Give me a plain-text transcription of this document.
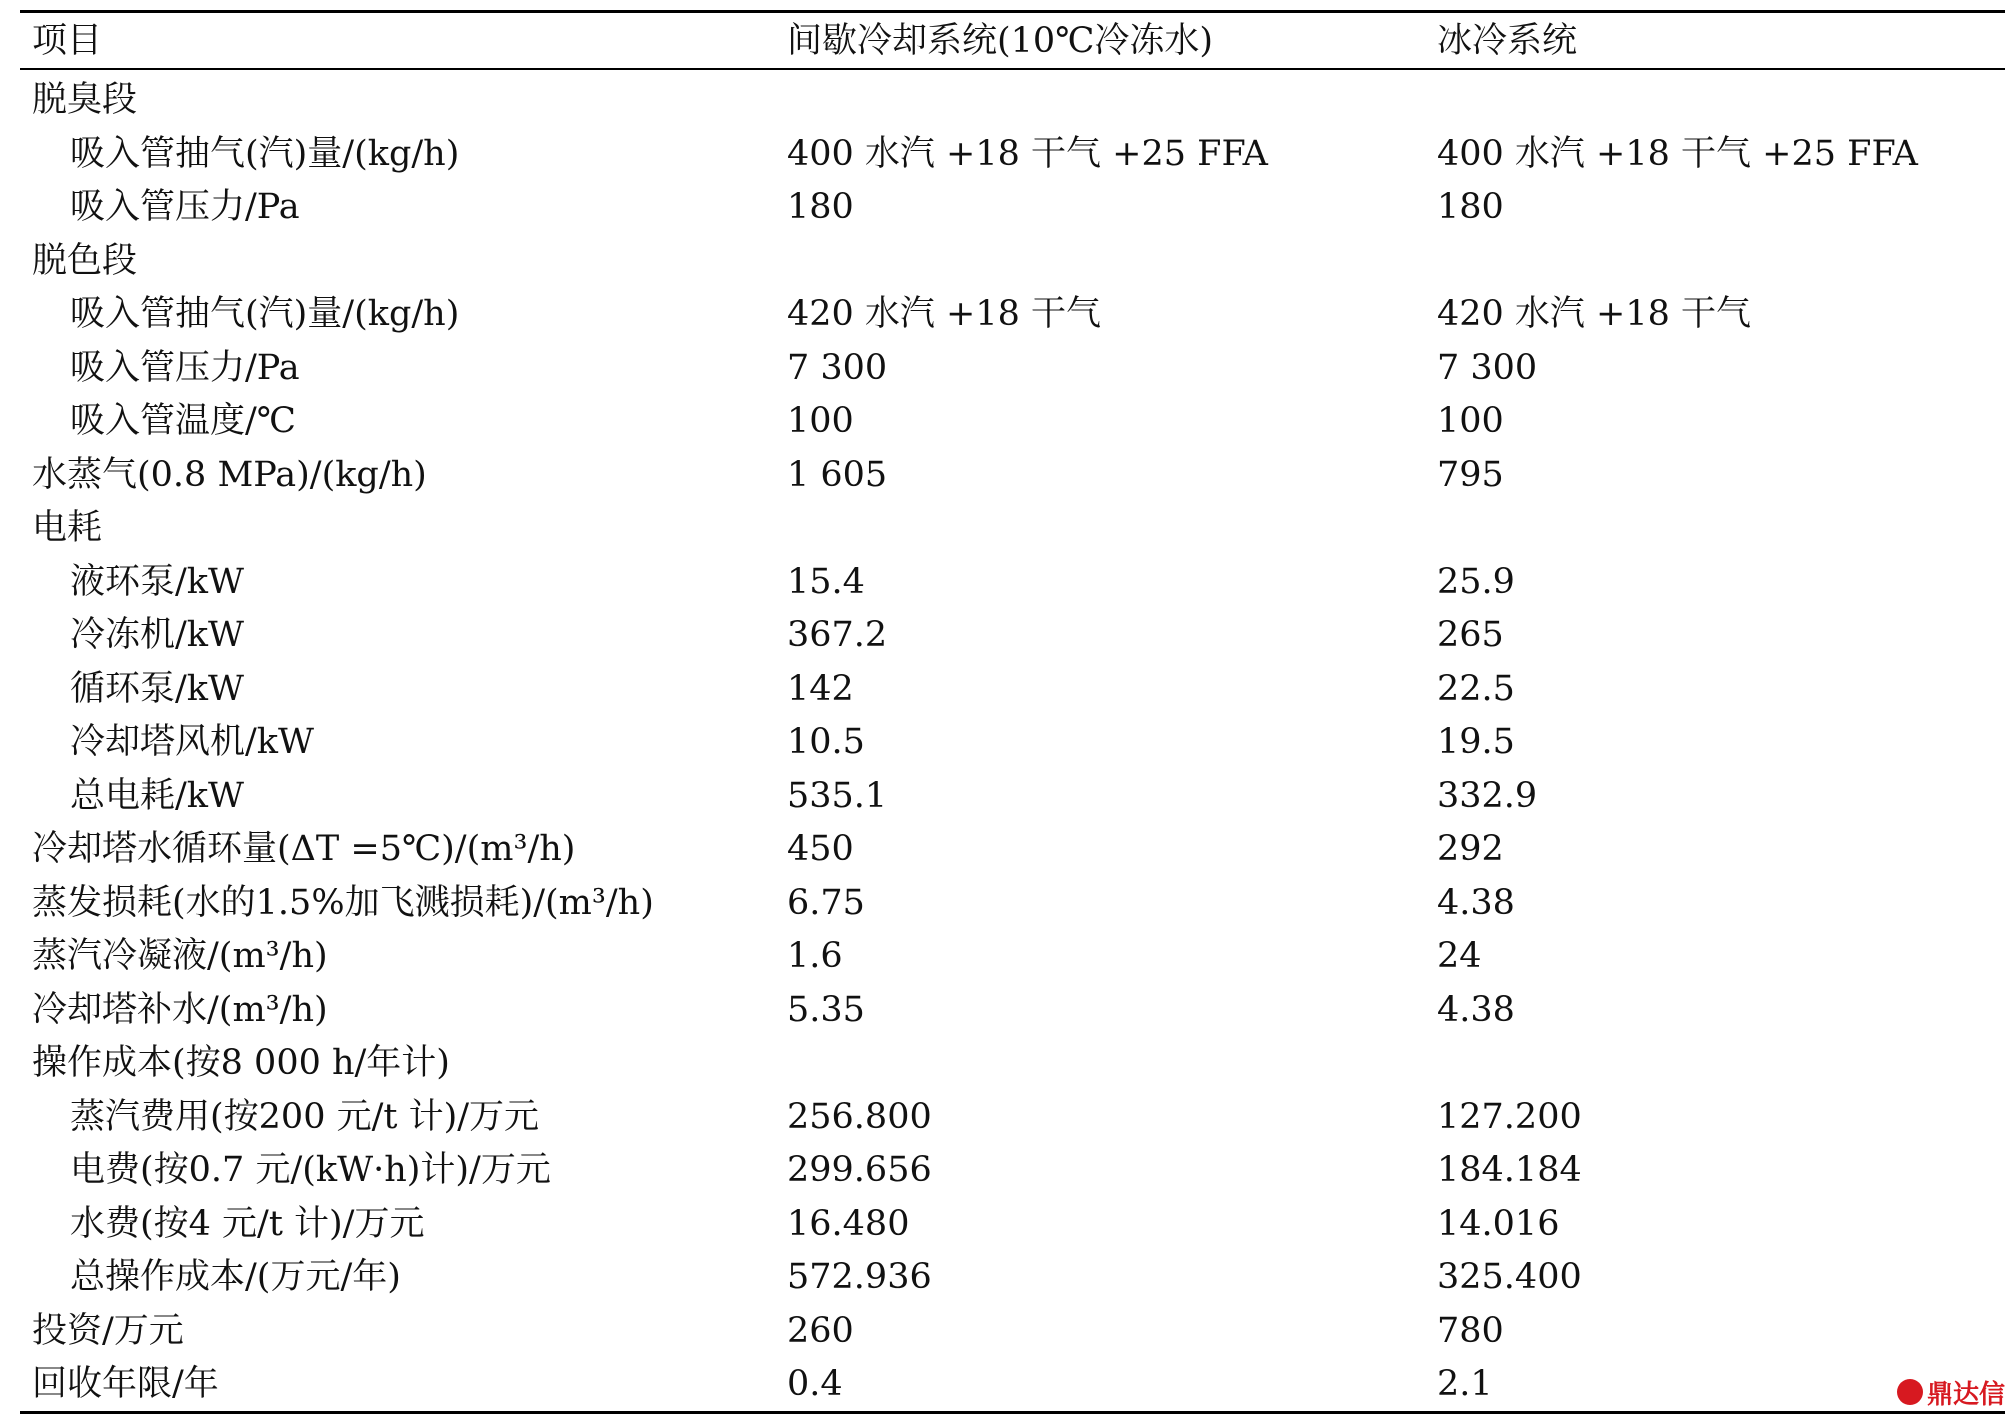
项目	间歇冷却系统(10℃冷冻水)	冰冷系统
脱臭段
吸入管抽气(汽)量/(kg/h)	400 水汽 +18 干气 +25 FFA	400 水汽 +18 干气 +25 FFA
吸入管压力/Pa	180	180
脱色段
吸入管抽气(汽)量/(kg/h)	420 水汽 +18 干气	420 水汽 +18 干气
吸入管压力/Pa	7 300	7 300
吸入管温度/℃	100	100
水蒸气(0.8 MPa)/(kg/h)	1 605	795
电耗
液环泵/kW	15.4	25.9
冷冻机/kW	367.2	265
循环泵/kW	142	22.5
冷却塔风机/kW	10.5	19.5
总电耗/kW	535.1	332.9
冷却塔水循环量(ΔT =5℃)/(m³/h)	450	292
蒸发损耗(水的1.5%加飞溅损耗)/(m³/h)	6.75	4.38
蒸汽冷凝液/(m³/h)	1.6	24
冷却塔补水/(m³/h)	5.35	4.38
操作成本(按8 000 h/年计)
蒸汽费用(按200 元/t 计)/万元	256.800	127.200
电费(按0.7 元/(kW·h)计)/万元	299.656	184.184
水费(按4 元/t 计)/万元	16.480	14.016
总操作成本/(万元/年)	572.936	325.400
投资/万元	260	780
回收年限/年	0.4	2.1	鼎达信
